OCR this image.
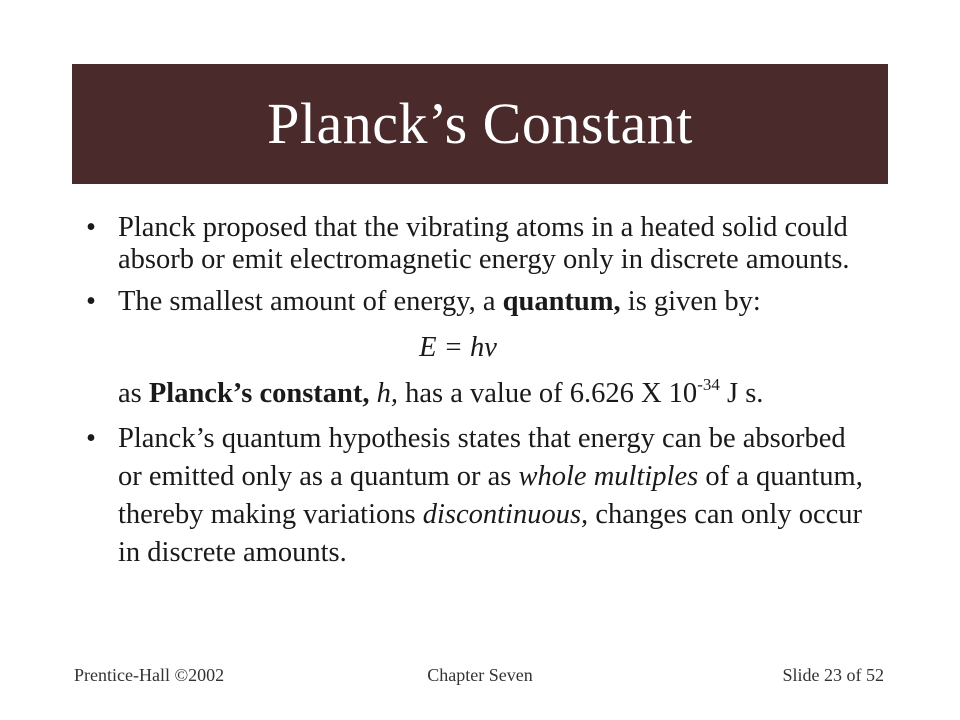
Planck’s Constant
• Planck proposed that the vibrating atoms in a heated solid could absorb or emit electromagnetic energy only in discrete amounts.
• The smallest amount of energy, a quantum, is given by:
E = hν
as Planck’s constant, h, has a value of 6.626 X $10^{-34}$ J s.
• Planck’s quantum hypothesis states that energy can be absorbed or emitted only as a quantum or as whole multiples of a quantum, thereby making variations discontinuous, changes can only occur in discrete amounts.
Prentice-Hall ©2002	Chapter Seven	Slide 23 of 52
